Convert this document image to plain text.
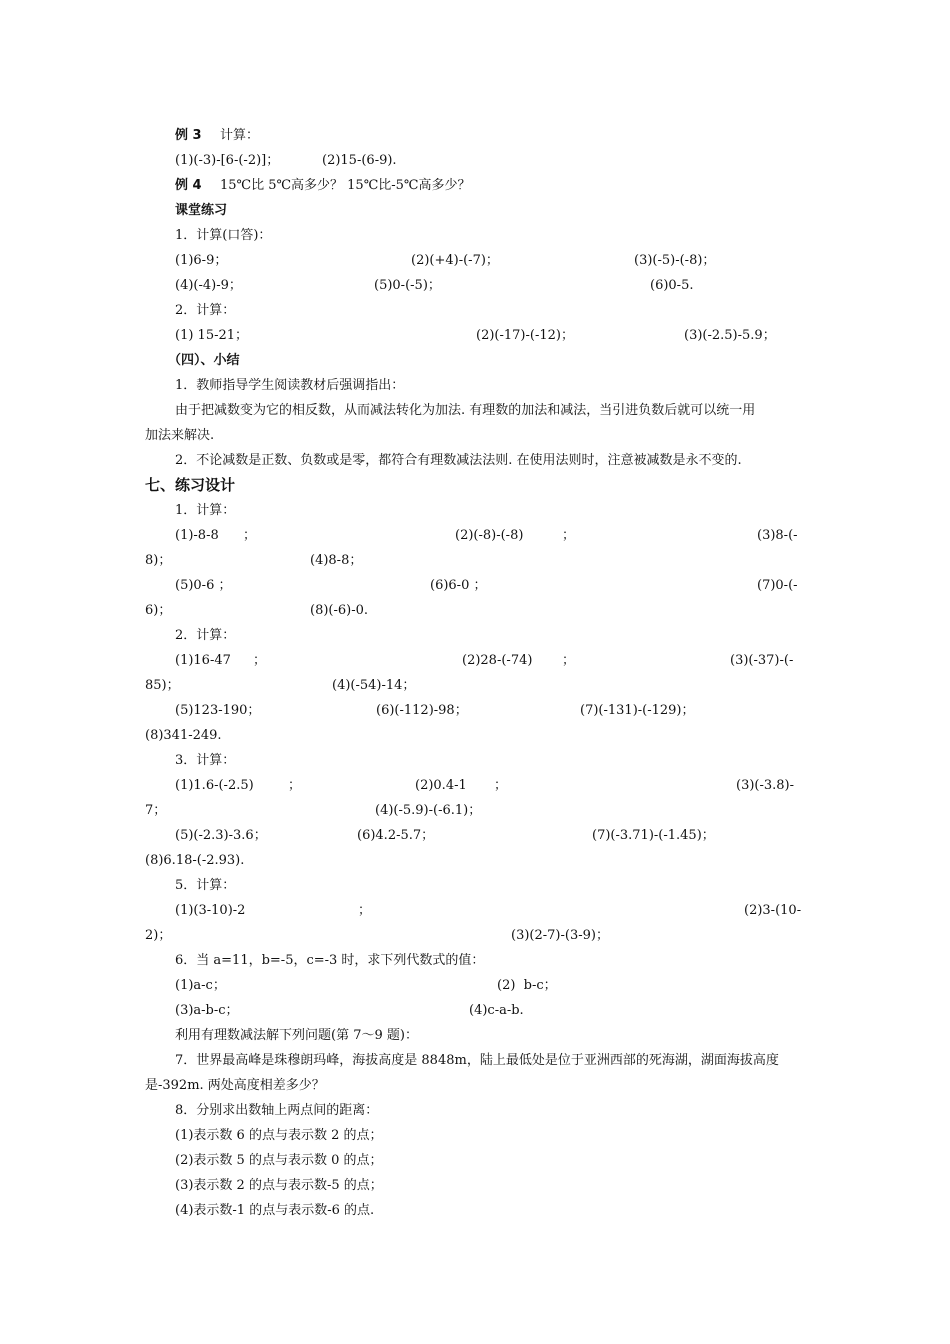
例 3 计算：
(1)(-3)-[6-(-2)]；	(2)15-(6-9).
例 4 15℃比 5℃高多少？ 15℃比-5℃高多少？
课堂练习
1．计算(口答)：
(1)6-9；	(2)(+4)-(-7)；	(3)(-5)-(-8)；
(4)(-4)-9；	(5)0-(-5)；	(6)0-5.
2．计算：
(1) 15-21；	(2)(-17)-(-12)；	(3)(-2.5)-5.9；
（四）、小结
1．教师指导学生阅读教材后强调指出：
由于把减数变为它的相反数，从而减法转化为加法. 有理数的加法和减法，当引进负数后就可以统一用
加法来解决.
2．不论减数是正数、负数或是零，都符合有理数减法法则. 在使用法则时，注意被减数是永不变的.
七、练习设计
1．计算：
(1)-8-8 ；	(2)(-8)-(-8)	；	(3)8-(-
8)；	(4)8-8；
(5)0-6 ；	(6)6-0 ；	(7)0-(-
6)；	(8)(-6)-0.
2．计算：
(1)16-47 ；	(2)28-(-74) ；	(3)(-37)-(-
85)；	(4)(-54)-14；
(5)123-190；	(6)(-112)-98；	(7)(-131)-(-129)；
(8)341-249.
3．计算：
(1)1.6-(-2.5)	；	(2)0.4-1 ；	(3)(-3.8)-
7；	(4)(-5.9)-(-6.1)；
(5)(-2.3)-3.6；	(6)4.2-5.7；	(7)(-3.71)-(-1.45)；
(8)6.18-(-2.93).
5．计算：
(1)(3-10)-2	；	(2)3-(10-
2)；	(3)(2-7)-(3-9)；
6．当 a=11，b=-5，c=-3 时，求下列代数式的值：
(1)a-c；	(2)  b-c；
(3)a-b-c；	(4)c-a-b.
利用有理数减法解下列问题(第 7～9 题)：
7．世界最高峰是珠穆朗玛峰，海拔高度是 8848m，陆上最低处是位于亚洲西部的死海湖，湖面海拔高度
是-392m. 两处高度相差多少？
8．分别求出数轴上两点间的距离：
(1)表示数 6 的点与表示数 2 的点；
(2)表示数 5 的点与表示数 0 的点；
(3)表示数 2 的点与表示数-5 的点；
(4)表示数-1 的点与表示数-6 的点.
